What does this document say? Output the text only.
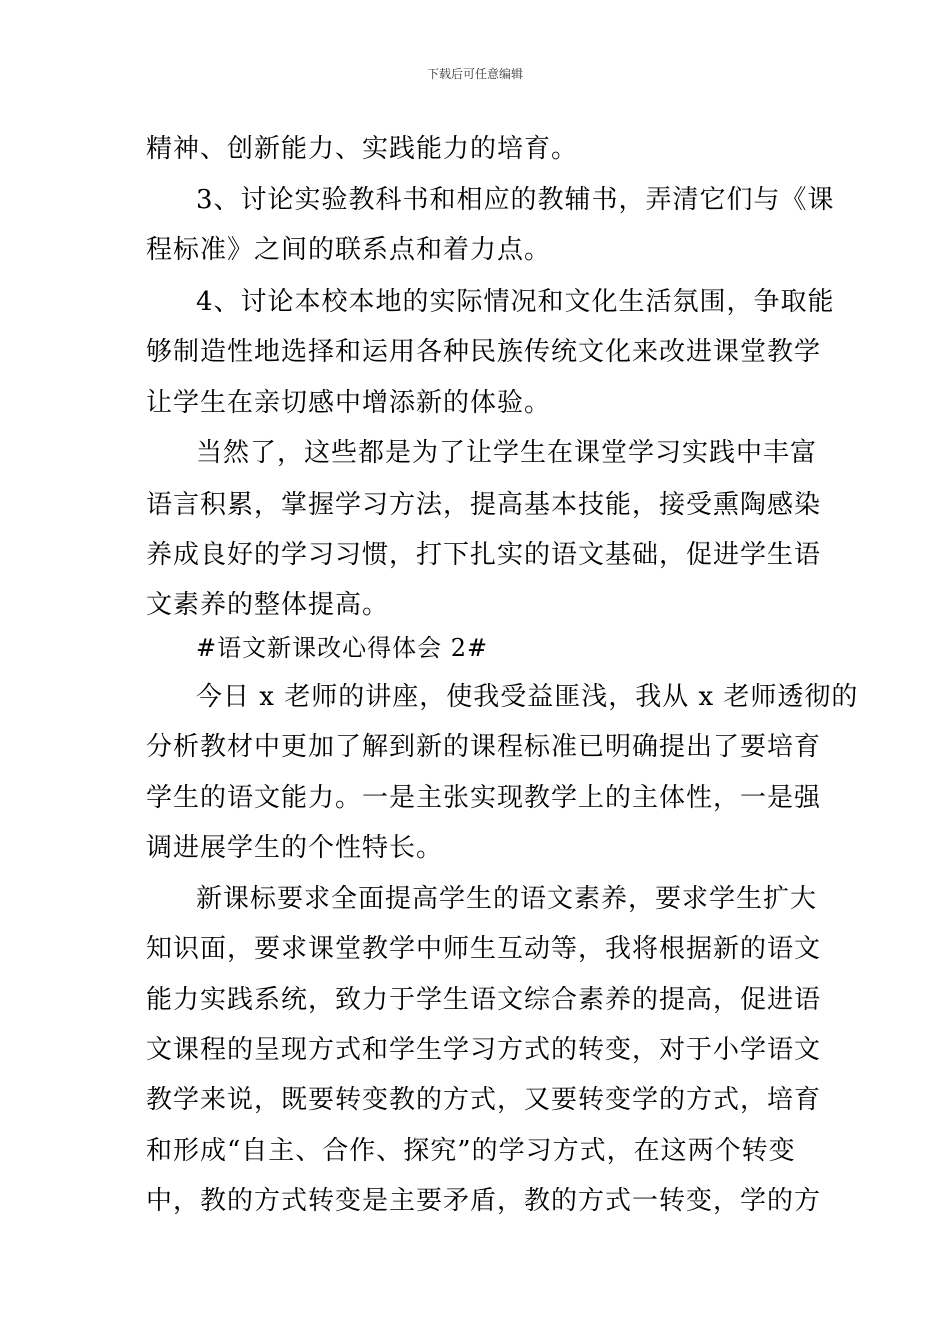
下载后可任意编辑
精神、创新能力、实践能力的培育。
3、讨论实验教科书和相应的教辅书，弄清它们与《课
程标准》之间的联系点和着力点。
4、讨论本校本地的实际情况和文化生活氛围，争取能
够制造性地选择和运用各种民族传统文化来改进课堂教学
让学生在亲切感中增添新的体验。
当然了，这些都是为了让学生在课堂学习实践中丰富
语言积累，掌握学习方法，提高基本技能，接受熏陶感染
养成良好的学习习惯，打下扎实的语文基础，促进学生语
文素养的整体提高。
#语文新课改心得体会 2#
今日 x 老师的讲座，使我受益匪浅，我从 x 老师透彻的
分析教材中更加了解到新的课程标准已明确提出了要培育
学生的语文能力。一是主张实现教学上的主体性，一是强
调进展学生的个性特长。
新课标要求全面提高学生的语文素养，要求学生扩大
知识面，要求课堂教学中师生互动等，我将根据新的语文
能力实践系统，致力于学生语文综合素养的提高，促进语
文课程的呈现方式和学生学习方式的转变，对于小学语文
教学来说，既要转变教的方式，又要转变学的方式，培育
和形成“自主、合作、探究”的学习方式，在这两个转变
中，教的方式转变是主要矛盾，教的方式一转变，学的方
